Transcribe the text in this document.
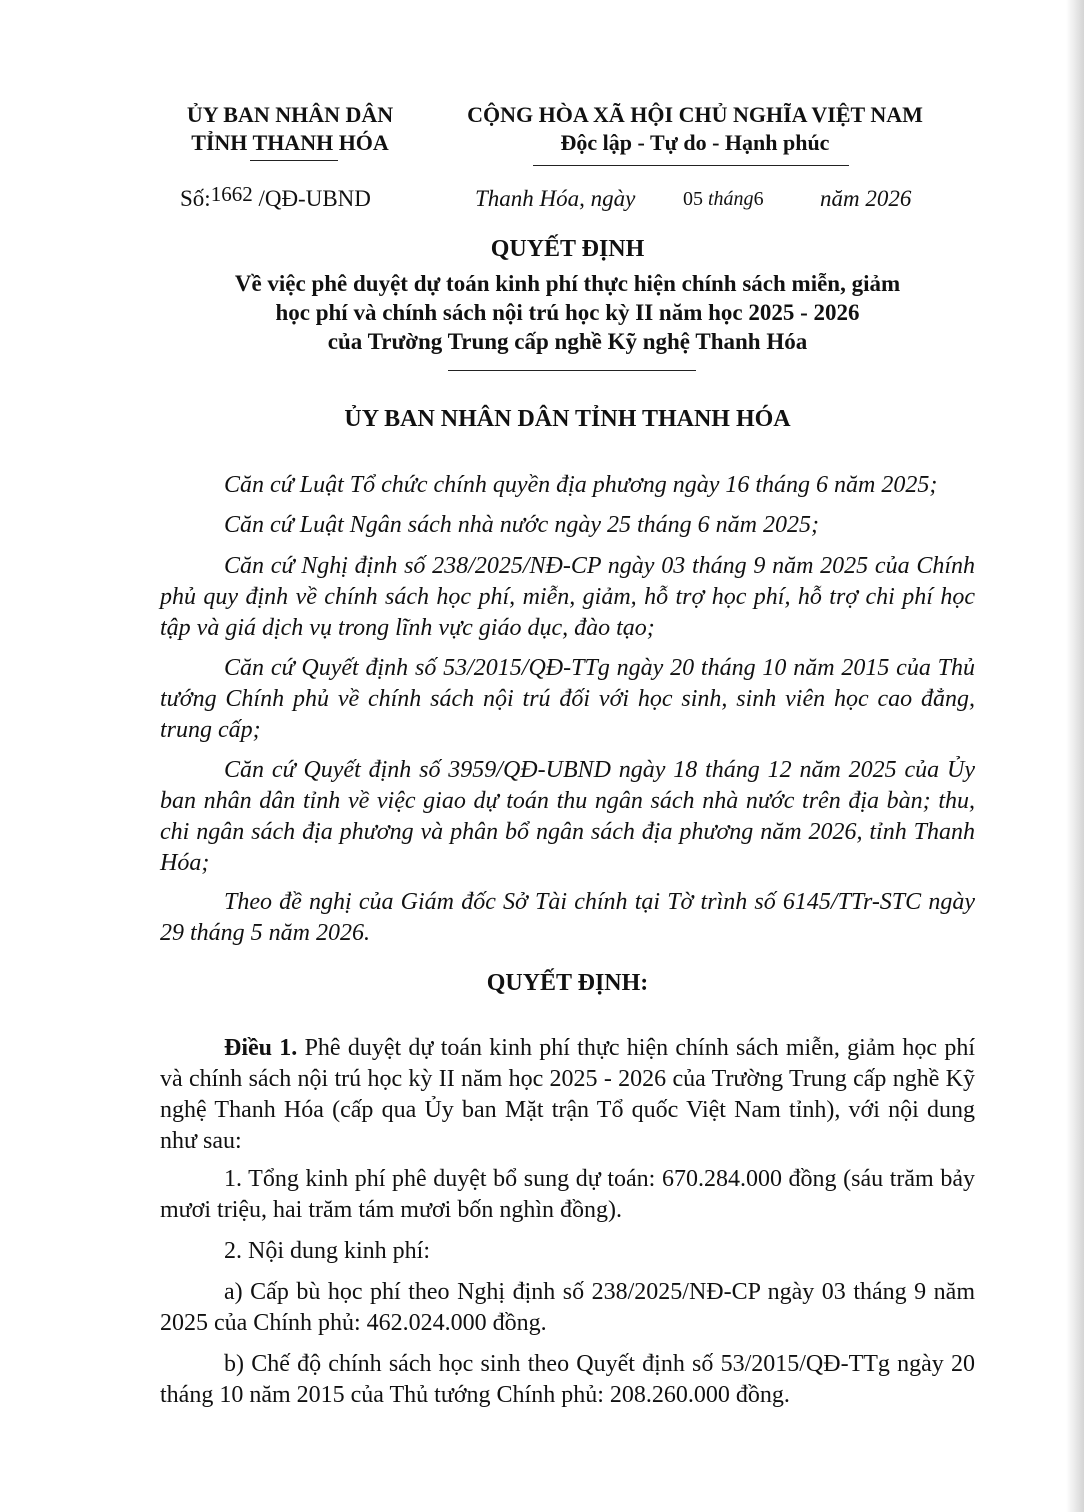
ỦY BAN NHÂN DÂN
TỈNH THANH HÓA
CỘNG HÒA XÃ HỘI CHỦ NGHĨA VIỆT NAM
Độc lập - Tự do - Hạnh phúc
Số:1662 /QĐ-UBND	Thanh Hóa, ngày 05 tháng6 năm 2026
QUYẾT ĐỊNH
Về việc phê duyệt dự toán kinh phí thực hiện chính sách miễn, giảm
học phí và chính sách nội trú học kỳ II năm học 2025 - 2026
của Trường Trung cấp nghề Kỹ nghệ Thanh Hóa
ỦY BAN NHÂN DÂN TỈNH THANH HÓA

Căn cứ Luật Tổ chức chính quyền địa phương ngày 16 tháng 6 năm 2025;

Căn cứ Luật Ngân sách nhà nước ngày 25 tháng 6 năm 2025;

Căn cứ Nghị định số 238/2025/NĐ-CP ngày 03 tháng 9 năm 2025 của Chính phủ quy định về chính sách học phí, miễn, giảm, hỗ trợ học phí, hỗ trợ chi phí học tập và giá dịch vụ trong lĩnh vực giáo dục, đào tạo;

Căn cứ Quyết định số 53/2015/QĐ-TTg ngày 20 tháng 10 năm 2015 của Thủ tướng Chính phủ về chính sách nội trú đối với học sinh, sinh viên học cao đẳng, trung cấp;

Căn cứ Quyết định số 3959/QĐ-UBND ngày 18 tháng 12 năm 2025 của Ủy ban nhân dân tỉnh về việc giao dự toán thu ngân sách nhà nước trên địa bàn; thu, chi ngân sách địa phương và phân bổ ngân sách địa phương năm 2026, tỉnh Thanh Hóa;

Theo đề nghị của Giám đốc Sở Tài chính tại Tờ trình số 6145/TTr-STC ngày 29 tháng 5 năm 2026.

QUYẾT ĐỊNH:

Điều 1. Phê duyệt dự toán kinh phí thực hiện chính sách miễn, giảm học phí và chính sách nội trú học kỳ II năm học 2025 - 2026 của Trường Trung cấp nghề Kỹ nghệ Thanh Hóa (cấp qua Ủy ban Mặt trận Tổ quốc Việt Nam tỉnh), với nội dung như sau:

1. Tổng kinh phí phê duyệt bổ sung dự toán: 670.284.000 đồng (sáu trăm bảy mươi triệu, hai trăm tám mươi bốn nghìn đồng).

2. Nội dung kinh phí:

a) Cấp bù học phí theo Nghị định số 238/2025/NĐ-CP ngày 03 tháng 9 năm 2025 của Chính phủ: 462.024.000 đồng.

b) Chế độ chính sách học sinh theo Quyết định số 53/2015/QĐ-TTg ngày 20 tháng 10 năm 2015 của Thủ tướng Chính phủ: 208.260.000 đồng.
